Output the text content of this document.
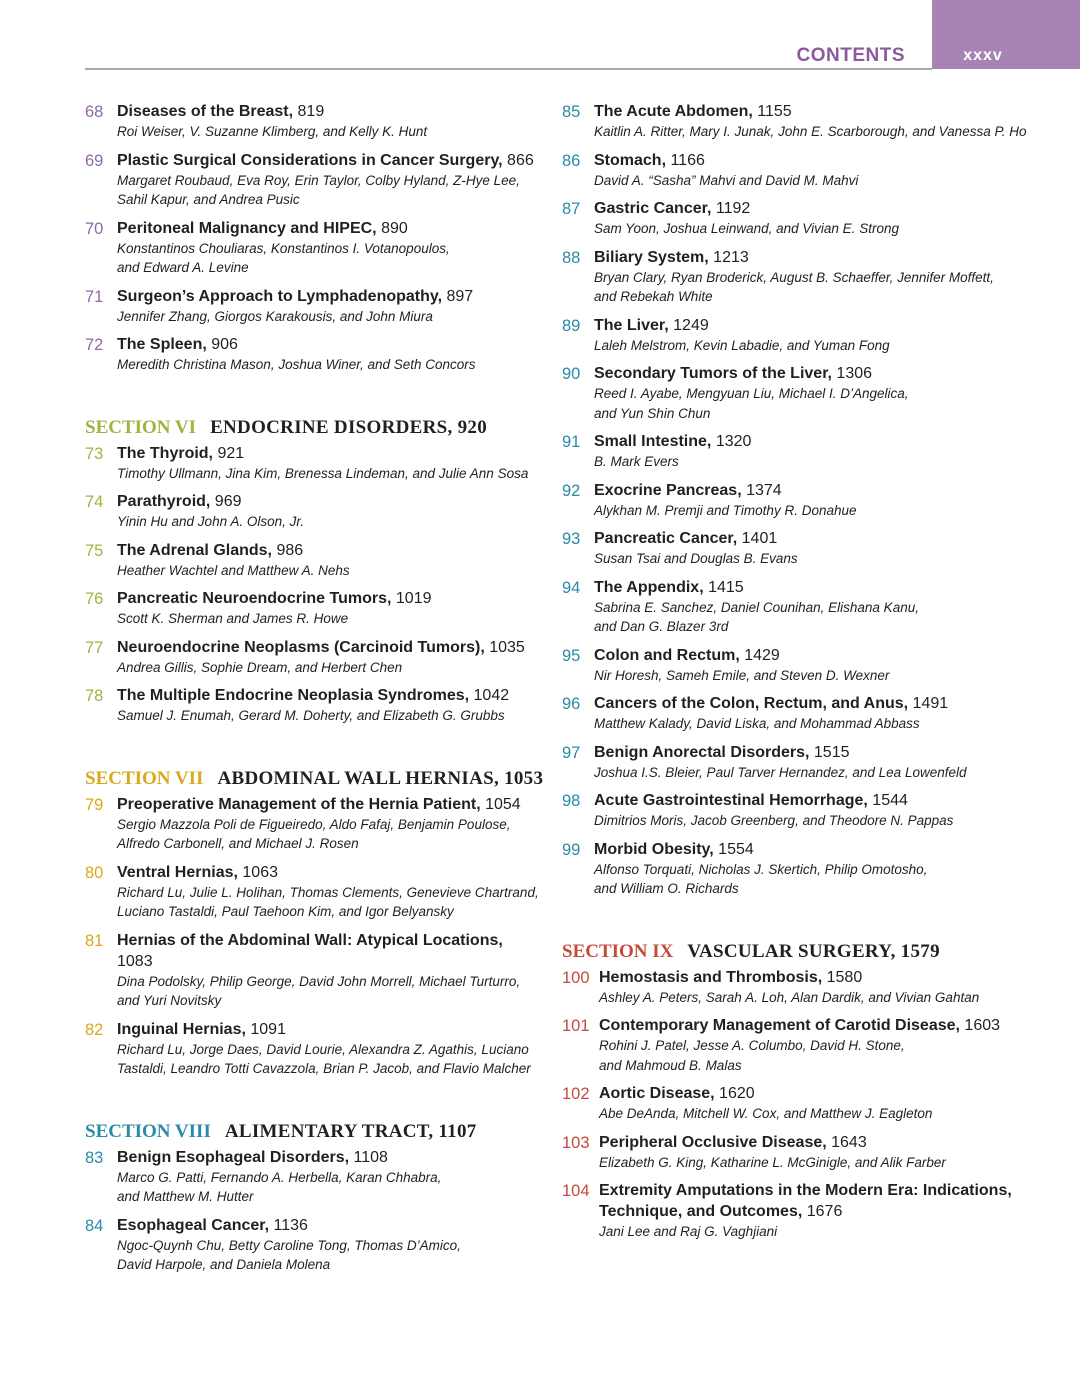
xxxv
CONTENTS
68 Diseases of the Breast, 819
Roi Weiser, V. Suzanne Klimberg, and Kelly K. Hunt
69 Plastic Surgical Considerations in Cancer Surgery, 866
Margaret Roubaud, Eva Roy, Erin Taylor, Colby Hyland, Z-Hye Lee,
Sahil Kapur, and Andrea Pusic
70 Peritoneal Malignancy and HIPEC, 890
Konstantinos Chouliaras, Konstantinos I. Votanopoulos,
and Edward A. Levine
71 Surgeon’s Approach to Lymphadenopathy, 897
Jennifer Zhang, Giorgos Karakousis, and John Miura
72 The Spleen, 906
Meredith Christina Mason, Joshua Winer, and Seth Concors
SECTION VI ENDOCRINE DISORDERS, 920
73 The Thyroid, 921
Timothy Ullmann, Jina Kim, Brenessa Lindeman, and Julie Ann Sosa
74 Parathyroid, 969
Yinin Hu and John A. Olson, Jr.
75 The Adrenal Glands, 986
Heather Wachtel and Matthew A. Nehs
76 Pancreatic Neuroendocrine Tumors, 1019
Scott K. Sherman and James R. Howe
77 Neuroendocrine Neoplasms (Carcinoid Tumors), 1035
Andrea Gillis, Sophie Dream, and Herbert Chen
78 The Multiple Endocrine Neoplasia Syndromes, 1042
Samuel J. Enumah, Gerard M. Doherty, and Elizabeth G. Grubbs
SECTION VII ABDOMINAL WALL HERNIAS, 1053
79 Preoperative Management of the Hernia Patient, 1054
Sergio Mazzola Poli de Figueiredo, Aldo Fafaj, Benjamin Poulose,
Alfredo Carbonell, and Michael J. Rosen
80 Ventral Hernias, 1063
Richard Lu, Julie L. Holihan, Thomas Clements, Genevieve Chartrand,
Luciano Tastaldi, Paul Taehoon Kim, and Igor Belyansky
81 Hernias of the Abdominal Wall: Atypical Locations, 1083
Dina Podolsky, Philip George, David John Morrell, Michael Turturro,
and Yuri Novitsky
82 Inguinal Hernias, 1091
Richard Lu, Jorge Daes, David Lourie, Alexandra Z. Agathis, Luciano
Tastaldi, Leandro Totti Cavazzola, Brian P. Jacob, and Flavio Malcher
SECTION VIII ALIMENTARY TRACT, 1107
83 Benign Esophageal Disorders, 1108
Marco G. Patti, Fernando A. Herbella, Karan Chhabra,
and Matthew M. Hutter
84 Esophageal Cancer, 1136
Ngoc-Quynh Chu, Betty Caroline Tong, Thomas D’Amico,
David Harpole, and Daniela Molena
85 The Acute Abdomen, 1155
Kaitlin A. Ritter, Mary I. Junak, John E. Scarborough, and Vanessa P. Ho
86 Stomach, 1166
David A. “Sasha” Mahvi and David M. Mahvi
87 Gastric Cancer, 1192
Sam Yoon, Joshua Leinwand, and Vivian E. Strong
88 Biliary System, 1213
Bryan Clary, Ryan Broderick, August B. Schaeffer, Jennifer Moffett,
and Rebekah White
89 The Liver, 1249
Laleh Melstrom, Kevin Labadie, and Yuman Fong
90 Secondary Tumors of the Liver, 1306
Reed I. Ayabe, Mengyuan Liu, Michael I. D’Angelica,
and Yun Shin Chun
91 Small Intestine, 1320
B. Mark Evers
92 Exocrine Pancreas, 1374
Alykhan M. Premji and Timothy R. Donahue
93 Pancreatic Cancer, 1401
Susan Tsai and Douglas B. Evans
94 The Appendix, 1415
Sabrina E. Sanchez, Daniel Counihan, Elishana Kanu,
and Dan G. Blazer 3rd
95 Colon and Rectum, 1429
Nir Horesh, Sameh Emile, and Steven D. Wexner
96 Cancers of the Colon, Rectum, and Anus, 1491
Matthew Kalady, David Liska, and Mohammad Abbass
97 Benign Anorectal Disorders, 1515
Joshua I.S. Bleier, Paul Tarver Hernandez, and Lea Lowenfeld
98 Acute Gastrointestinal Hemorrhage, 1544
Dimitrios Moris, Jacob Greenberg, and Theodore N. Pappas
99 Morbid Obesity, 1554
Alfonso Torquati, Nicholas J. Skertich, Philip Omotosho,
and William O. Richards
SECTION IX VASCULAR SURGERY, 1579
100 Hemostasis and Thrombosis, 1580
Ashley A. Peters, Sarah A. Loh, Alan Dardik, and Vivian Gahtan
101 Contemporary Management of Carotid Disease, 1603
Rohini J. Patel, Jesse A. Columbo, David H. Stone,
and Mahmoud B. Malas
102 Aortic Disease, 1620
Abe DeAnda, Mitchell W. Cox, and Matthew J. Eagleton
103 Peripheral Occlusive Disease, 1643
Elizabeth G. King, Katharine L. McGinigle, and Alik Farber
104 Extremity Amputations in the Modern Era: Indications, Technique, and Outcomes, 1676
Jani Lee and Raj G. Vaghjiani
